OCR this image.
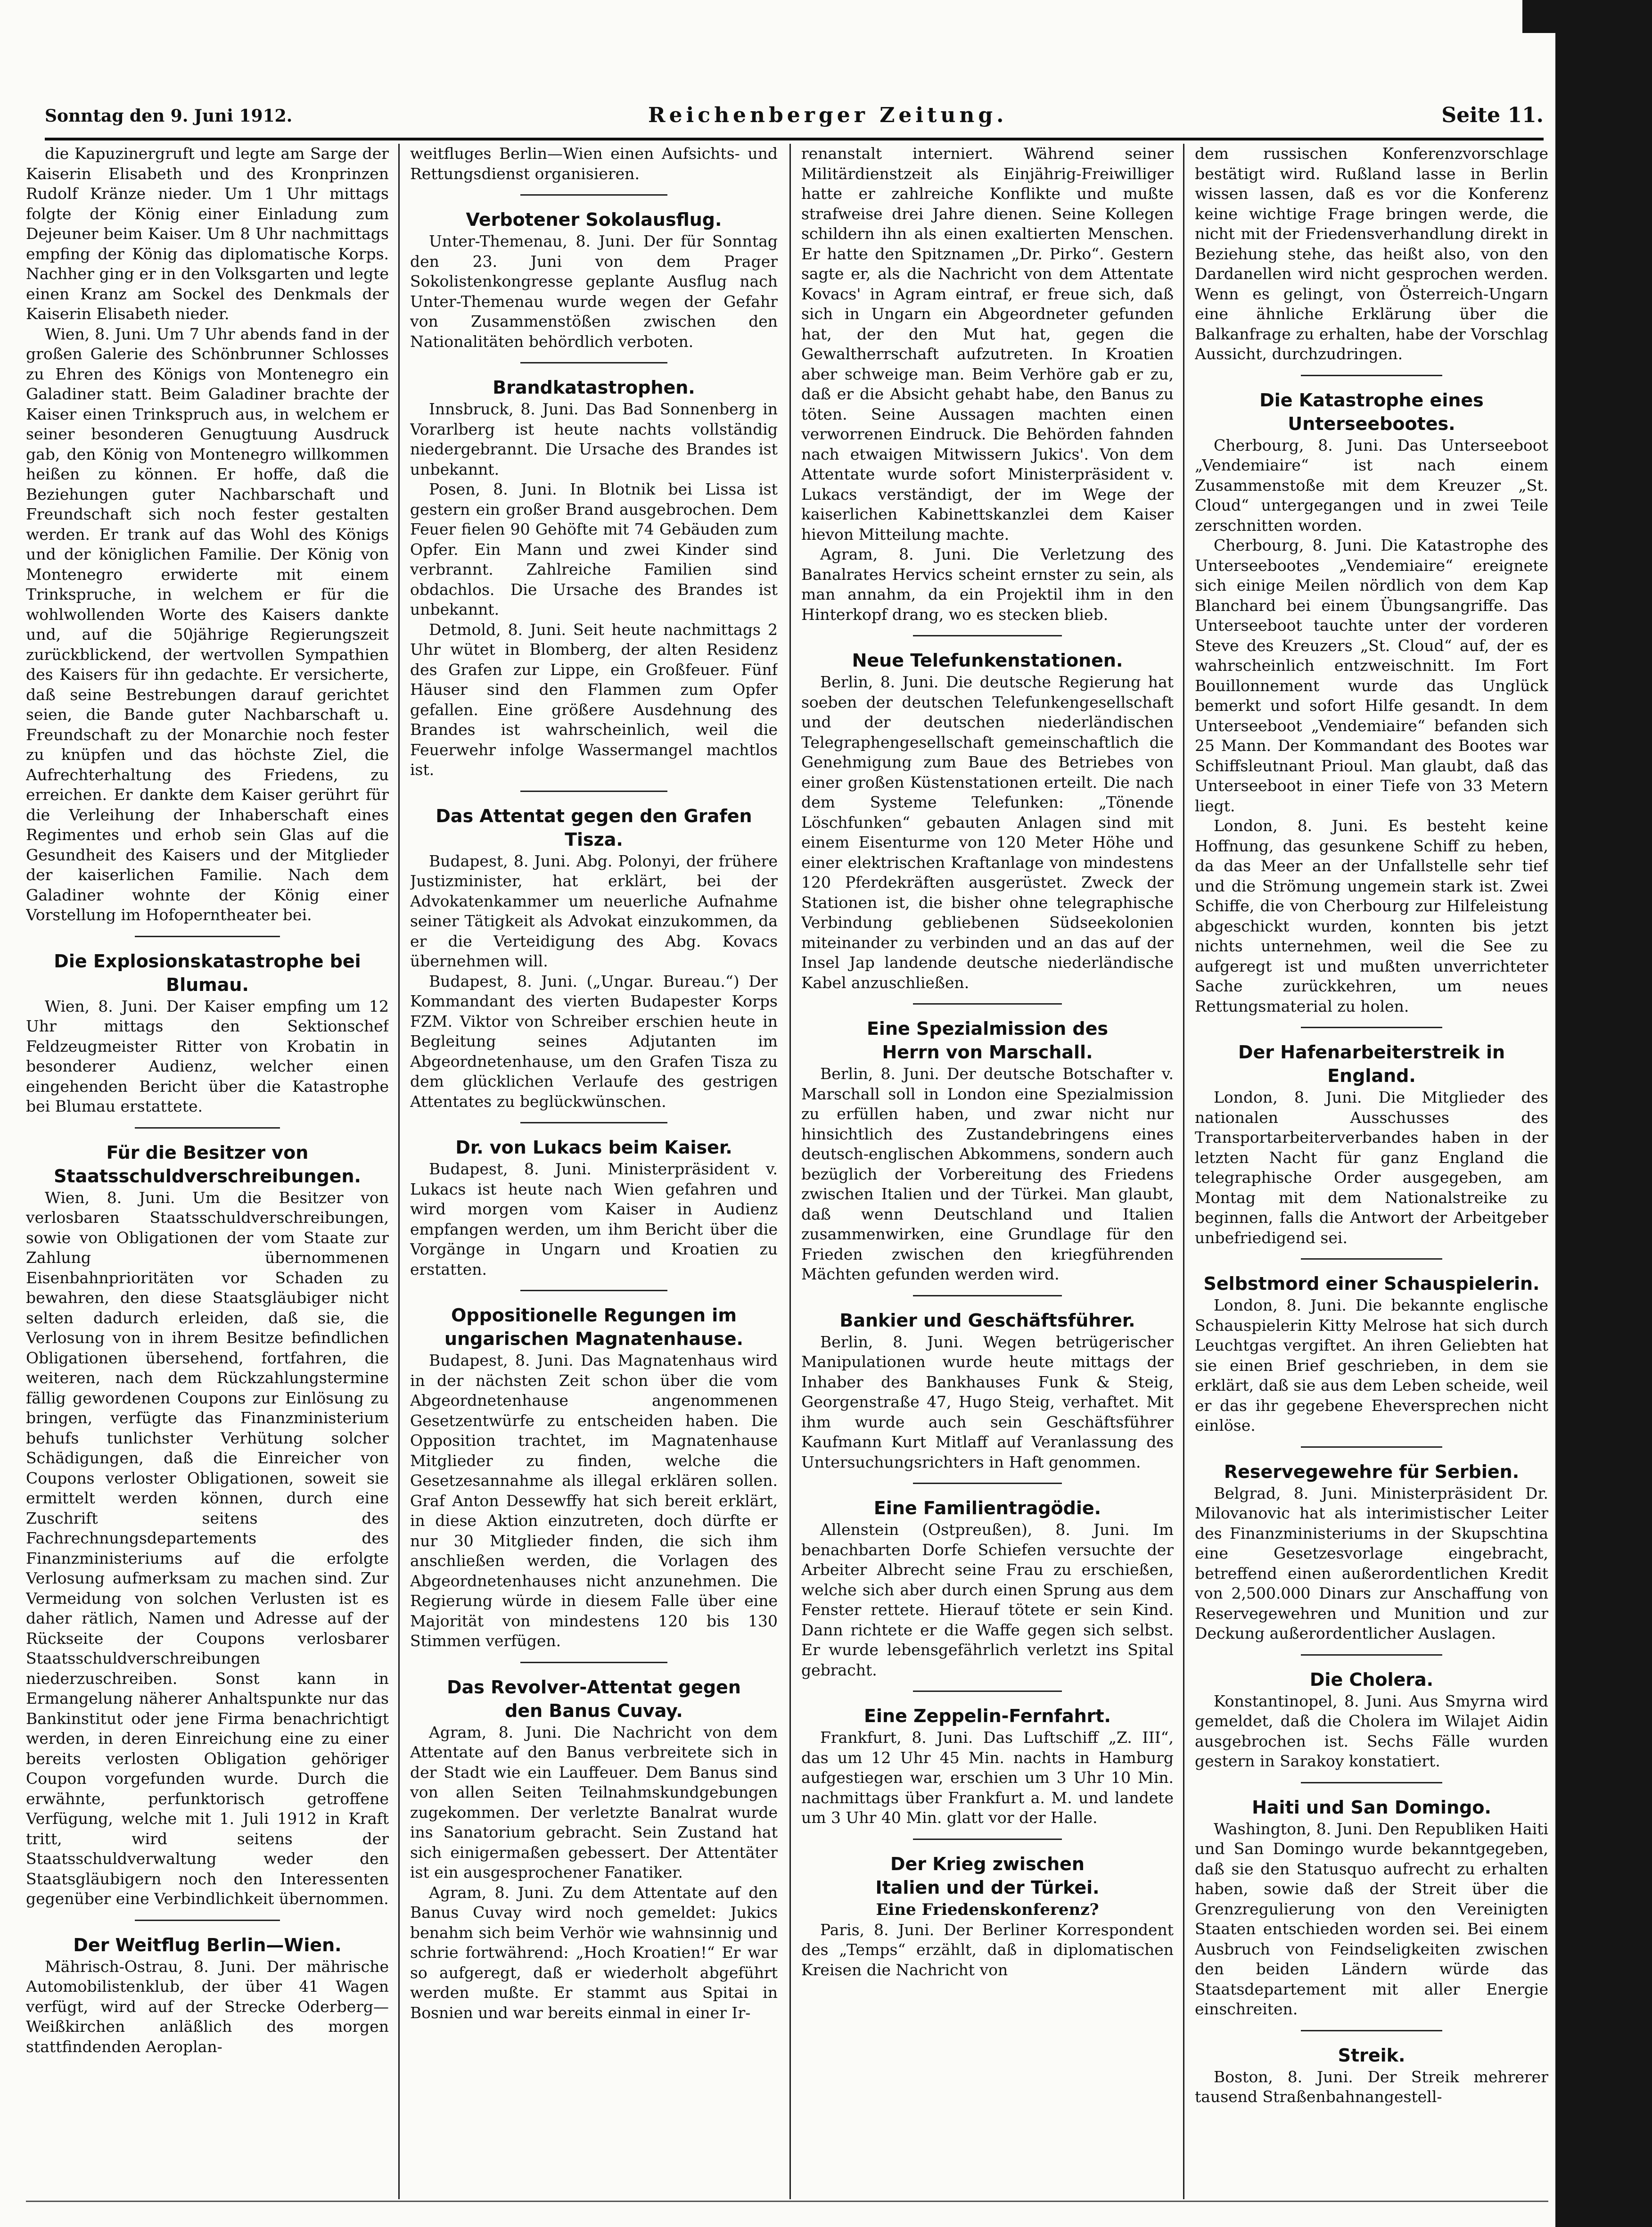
Sonntag den 9. Juni 1912.	Reichenberger Zeitung.	Seite 11.

die Kapuzinergruft und legte am Sarge der Kaiserin Elisabeth und des Kronprinzen Rudolf Kränze nieder. Um 1 Uhr mittags folgte der König einer Einladung zum Dejeuner beim Kaiser. Um 8 Uhr nachmittags empfing der König das diplomatische Korps. Nachher ging er in den Volksgarten und legte einen Kranz am Sockel des Denkmals der Kaiserin Elisabeth nieder.

Wien, 8. Juni. Um 7 Uhr abends fand in der großen Galerie des Schönbrunner Schlosses zu Ehren des Königs von Montenegro ein Galadiner statt. Beim Galadiner brachte der Kaiser einen Trinkspruch aus, in welchem er seiner besonderen Genugtuung Ausdruck gab, den König von Montenegro willkommen heißen zu können. Er hoffe, daß die Beziehungen guter Nachbarschaft und Freundschaft sich noch fester gestalten werden. Er trank auf das Wohl des Königs und der königlichen Familie. Der König von Montenegro erwiderte mit einem Trinkspruche, in welchem er für die wohlwollenden Worte des Kaisers dankte und, auf die 50jährige Regierungszeit zurückblickend, der wertvollen Sympathien des Kaisers für ihn gedachte. Er versicherte, daß seine Bestrebungen darauf gerichtet seien, die Bande guter Nachbarschaft u. Freundschaft zu der Monarchie noch fester zu knüpfen und das höchste Ziel, die Aufrechterhaltung des Friedens, zu erreichen. Er dankte dem Kaiser gerührt für die Verleihung der Inhaberschaft eines Regimentes und erhob sein Glas auf die Gesundheit des Kaisers und der Mitglieder der kaiserlichen Familie. Nach dem Galadiner wohnte der König einer Vorstellung im Hofoperntheater bei.

Die Explosionskatastrophe bei Blumau.

Wien, 8. Juni. Der Kaiser empfing um 12 Uhr mittags den Sektionschef Feldzeugmeister Ritter von Krobatin in besonderer Audienz, welcher einen eingehenden Bericht über die Katastrophe bei Blumau erstattete.

Für die Besitzer von
Staatsschuldverschreibungen.

Wien, 8. Juni. Um die Besitzer von verlosbaren Staatsschuldverschreibungen, sowie von Obligationen der vom Staate zur Zahlung übernommenen Eisenbahnprioritäten vor Schaden zu bewahren, den diese Staatsgläubiger nicht selten dadurch erleiden, daß sie, die Verlosung von in ihrem Besitze befindlichen Obligationen übersehend, fortfahren, die weiteren, nach dem Rückzahlungstermine fällig gewordenen Coupons zur Einlösung zu bringen, verfügte das Finanzministerium behufs tunlichster Verhütung solcher Schädigungen, daß die Einreicher von Coupons verloster Obligationen, soweit sie ermittelt werden können, durch eine Zuschrift seitens des Fachrechnungsdepartements des Finanzministeriums auf die erfolgte Verlosung aufmerksam zu machen sind. Zur Vermeidung von solchen Verlusten ist es daher rätlich, Namen und Adresse auf der Rückseite der Coupons verlosbarer Staatsschuldverschreibungen niederzuschreiben. Sonst kann in Ermangelung näherer Anhaltspunkte nur das Bankinstitut oder jene Firma benachrichtigt werden, in deren Einreichung eine zu einer bereits verlosten Obligation gehöriger Coupon vorgefunden wurde. Durch die erwähnte, perfunktorisch getroffene Verfügung, welche mit 1. Juli 1912 in Kraft tritt, wird seitens der Staatsschuldverwaltung weder den Staatsgläubigern noch den Interessenten gegenüber eine Verbindlichkeit übernommen.

Der Weitflug Berlin—Wien.

Mährisch-Ostrau, 8. Juni. Der mährische Automobilistenklub, der über 41 Wagen verfügt, wird auf der Strecke Oderberg—Weißkirchen anläßlich des morgen stattfindenden Aeroplan-

weitfluges Berlin—Wien einen Aufsichts- und Rettungsdienst organisieren.

Verbotener Sokolausflug.

Unter-Themenau, 8. Juni. Der für Sonntag den 23. Juni von dem Prager Sokolistenkongresse geplante Ausflug nach Unter-Themenau wurde wegen der Gefahr von Zusammenstößen zwischen den Nationalitäten behördlich verboten.

Brandkatastrophen.

Innsbruck, 8. Juni. Das Bad Sonnenberg in Vorarlberg ist heute nachts vollständig niedergebrannt. Die Ursache des Brandes ist unbekannt.

Posen, 8. Juni. In Blotnik bei Lissa ist gestern ein großer Brand ausgebrochen. Dem Feuer fielen 90 Gehöfte mit 74 Gebäuden zum Opfer. Ein Mann und zwei Kinder sind verbrannt. Zahlreiche Familien sind obdachlos. Die Ursache des Brandes ist unbekannt.

Detmold, 8. Juni. Seit heute nachmittags 2 Uhr wütet in Blomberg, der alten Residenz des Grafen zur Lippe, ein Großfeuer. Fünf Häuser sind den Flammen zum Opfer gefallen. Eine größere Ausdehnung des Brandes ist wahrscheinlich, weil die Feuerwehr infolge Wassermangel machtlos ist.

Das Attentat gegen den Grafen Tisza.

Budapest, 8. Juni. Abg. Polonyi, der frühere Justizminister, hat erklärt, bei der Advokatenkammer um neuerliche Aufnahme seiner Tätigkeit als Advokat einzukommen, da er die Verteidigung des Abg. Kovacs übernehmen will.

Budapest, 8. Juni. („Ungar. Bureau.“) Der Kommandant des vierten Budapester Korps FZM. Viktor von Schreiber erschien heute in Begleitung seines Adjutanten im Abgeordnetenhause, um den Grafen Tisza zu dem glücklichen Verlaufe des gestrigen Attentates zu beglückwünschen.

Dr. von Lukacs beim Kaiser.

Budapest, 8. Juni. Ministerpräsident v. Lukacs ist heute nach Wien gefahren und wird morgen vom Kaiser in Audienz empfangen werden, um ihm Bericht über die Vorgänge in Ungarn und Kroatien zu erstatten.

Oppositionelle Regungen im
ungarischen Magnatenhause.

Budapest, 8. Juni. Das Magnatenhaus wird in der nächsten Zeit schon über die vom Abgeordnetenhause angenommenen Gesetzentwürfe zu entscheiden haben. Die Opposition trachtet, im Magnatenhause Mitglieder zu finden, welche die Gesetzesannahme als illegal erklären sollen. Graf Anton Dessewffy hat sich bereit erklärt, in diese Aktion einzutreten, doch dürfte er nur 30 Mitglieder finden, die sich ihm anschließen werden, die Vorlagen des Abgeordnetenhauses nicht anzunehmen. Die Regierung würde in diesem Falle über eine Majorität von mindestens 120 bis 130 Stimmen verfügen.

Das Revolver-Attentat gegen
den Banus Cuvay.

Agram, 8. Juni. Die Nachricht von dem Attentate auf den Banus verbreitete sich in der Stadt wie ein Lauffeuer. Dem Banus sind von allen Seiten Teilnahmskundgebungen zugekommen. Der verletzte Banalrat wurde ins Sanatorium gebracht. Sein Zustand hat sich einigermaßen gebessert. Der Attentäter ist ein ausgesprochener Fanatiker.

Agram, 8. Juni. Zu dem Attentate auf den Banus Cuvay wird noch gemeldet: Jukics benahm sich beim Verhör wie wahnsinnig und schrie fortwährend: „Hoch Kroatien!“ Er war so aufgeregt, daß er wiederholt abgeführt werden mußte. Er stammt aus Spitai in Bosnien und war bereits einmal in einer Ir-

renanstalt interniert. Während seiner Militärdienstzeit als Einjährig-Freiwilliger hatte er zahlreiche Konflikte und mußte strafweise drei Jahre dienen. Seine Kollegen schildern ihn als einen exaltierten Menschen. Er hatte den Spitznamen „Dr. Pirko“. Gestern sagte er, als die Nachricht von dem Attentate Kovacs' in Agram eintraf, er freue sich, daß sich in Ungarn ein Abgeordneter gefunden hat, der den Mut hat, gegen die Gewaltherrschaft aufzutreten. In Kroatien aber schweige man. Beim Verhöre gab er zu, daß er die Absicht gehabt habe, den Banus zu töten. Seine Aussagen machten einen verworrenen Eindruck. Die Behörden fahnden nach etwaigen Mitwissern Jukics'. Von dem Attentate wurde sofort Ministerpräsident v. Lukacs verständigt, der im Wege der kaiserlichen Kabinettskanzlei dem Kaiser hievon Mitteilung machte.

Agram, 8. Juni. Die Verletzung des Banalrates Hervics scheint ernster zu sein, als man annahm, da ein Projektil ihm in den Hinterkopf drang, wo es stecken blieb.

Neue Telefunkenstationen.

Berlin, 8. Juni. Die deutsche Regierung hat soeben der deutschen Telefunkengesellschaft und der deutschen niederländischen Telegraphengesellschaft gemeinschaftlich die Genehmigung zum Baue des Betriebes von einer großen Küstenstationen erteilt. Die nach dem Systeme Telefunken: „Tönende Löschfunken“ gebauten Anlagen sind mit einem Eisenturme von 120 Meter Höhe und einer elektrischen Kraftanlage von mindestens 120 Pferdekräften ausgerüstet. Zweck der Stationen ist, die bisher ohne telegraphische Verbindung gebliebenen Südseekolonien miteinander zu verbinden und an das auf der Insel Jap landende deutsche niederländische Kabel anzuschließen.

Eine Spezialmission des
Herrn von Marschall.

Berlin, 8. Juni. Der deutsche Botschafter v. Marschall soll in London eine Spezialmission zu erfüllen haben, und zwar nicht nur hinsichtlich des Zustandebringens eines deutsch-englischen Abkommens, sondern auch bezüglich der Vorbereitung des Friedens zwischen Italien und der Türkei. Man glaubt, daß wenn Deutschland und Italien zusammenwirken, eine Grundlage für den Frieden zwischen den kriegführenden Mächten gefunden werden wird.

Bankier und Geschäftsführer.

Berlin, 8. Juni. Wegen betrügerischer Manipulationen wurde heute mittags der Inhaber des Bankhauses Funk & Steig, Georgenstraße 47, Hugo Steig, verhaftet. Mit ihm wurde auch sein Geschäftsführer Kaufmann Kurt Mitlaff auf Veranlassung des Untersuchungsrichters in Haft genommen.

Eine Familientragödie.

Allenstein (Ostpreußen), 8. Juni. Im benachbarten Dorfe Schiefen versuchte der Arbeiter Albrecht seine Frau zu erschießen, welche sich aber durch einen Sprung aus dem Fenster rettete. Hierauf tötete er sein Kind. Dann richtete er die Waffe gegen sich selbst. Er wurde lebensgefährlich verletzt ins Spital gebracht.

Eine Zeppelin-Fernfahrt.

Frankfurt, 8. Juni. Das Luftschiff „Z. III“, das um 12 Uhr 45 Min. nachts in Hamburg aufgestiegen war, erschien um 3 Uhr 10 Min. nachmittags über Frankfurt a. M. und landete um 3 Uhr 40 Min. glatt vor der Halle.

Der Krieg zwischen
Italien und der Türkei.
Eine Friedenskonferenz?

Paris, 8. Juni. Der Berliner Korrespondent des „Temps“ erzählt, daß in diplomatischen Kreisen die Nachricht von

dem russischen Konferenzvorschlage bestätigt wird. Rußland lasse in Berlin wissen lassen, daß es vor die Konferenz keine wichtige Frage bringen werde, die nicht mit der Friedensverhandlung direkt in Beziehung stehe, das heißt also, von den Dardanellen wird nicht gesprochen werden. Wenn es gelingt, von Österreich-Ungarn eine ähnliche Erklärung über die Balkanfrage zu erhalten, habe der Vorschlag Aussicht, durchzudringen.

Die Katastrophe eines Unterseebootes.

Cherbourg, 8. Juni. Das Unterseeboot „Vendemiaire“ ist nach einem Zusammenstoße mit dem Kreuzer „St. Cloud“ untergegangen und in zwei Teile zerschnitten worden.

Cherbourg, 8. Juni. Die Katastrophe des Unterseebootes „Vendemiaire“ ereignete sich einige Meilen nördlich von dem Kap Blanchard bei einem Übungsangriffe. Das Unterseeboot tauchte unter der vorderen Steve des Kreuzers „St. Cloud“ auf, der es wahrscheinlich entzweischnitt. Im Fort Bouillonnement wurde das Unglück bemerkt und sofort Hilfe gesandt. In dem Unterseeboot „Vendemiaire“ befanden sich 25 Mann. Der Kommandant des Bootes war Schiffsleutnant Prioul. Man glaubt, daß das Unterseeboot in einer Tiefe von 33 Metern liegt.

London, 8. Juni. Es besteht keine Hoffnung, das gesunkene Schiff zu heben, da das Meer an der Unfallstelle sehr tief und die Strömung ungemein stark ist. Zwei Schiffe, die von Cherbourg zur Hilfeleistung abgeschickt wurden, konnten bis jetzt nichts unternehmen, weil die See zu aufgeregt ist und mußten unverrichteter Sache zurückkehren, um neues Rettungsmaterial zu holen.

Der Hafenarbeiterstreik in England.

London, 8. Juni. Die Mitglieder des nationalen Ausschusses des Transportarbeiterverbandes haben in der letzten Nacht für ganz England die telegraphische Order ausgegeben, am Montag mit dem Nationalstreike zu beginnen, falls die Antwort der Arbeitgeber unbefriedigend sei.

Selbstmord einer Schauspielerin.

London, 8. Juni. Die bekannte englische Schauspielerin Kitty Melrose hat sich durch Leuchtgas vergiftet. An ihren Geliebten hat sie einen Brief geschrieben, in dem sie erklärt, daß sie aus dem Leben scheide, weil er das ihr gegebene Eheversprechen nicht einlöse.

Reservegewehre für Serbien.

Belgrad, 8. Juni. Ministerpräsident Dr. Milovanovic hat als interimistischer Leiter des Finanzministeriums in der Skupschtina eine Gesetzesvorlage eingebracht, betreffend einen außerordentlichen Kredit von 2,500.000 Dinars zur Anschaffung von Reservegewehren und Munition und zur Deckung außerordentlicher Auslagen.

Die Cholera.

Konstantinopel, 8. Juni. Aus Smyrna wird gemeldet, daß die Cholera im Wilajet Aidin ausgebrochen ist. Sechs Fälle wurden gestern in Sarakoy konstatiert.

Haiti und San Domingo.

Washington, 8. Juni. Den Republiken Haiti und San Domingo wurde bekanntgegeben, daß sie den Statusquo aufrecht zu erhalten haben, sowie daß der Streit über die Grenzregulierung von den Vereinigten Staaten entschieden worden sei. Bei einem Ausbruch von Feindseligkeiten zwischen den beiden Ländern würde das Staatsdepartement mit aller Energie einschreiten.

Streik.

Boston, 8. Juni. Der Streik mehrerer tausend Straßenbahnangestell-
